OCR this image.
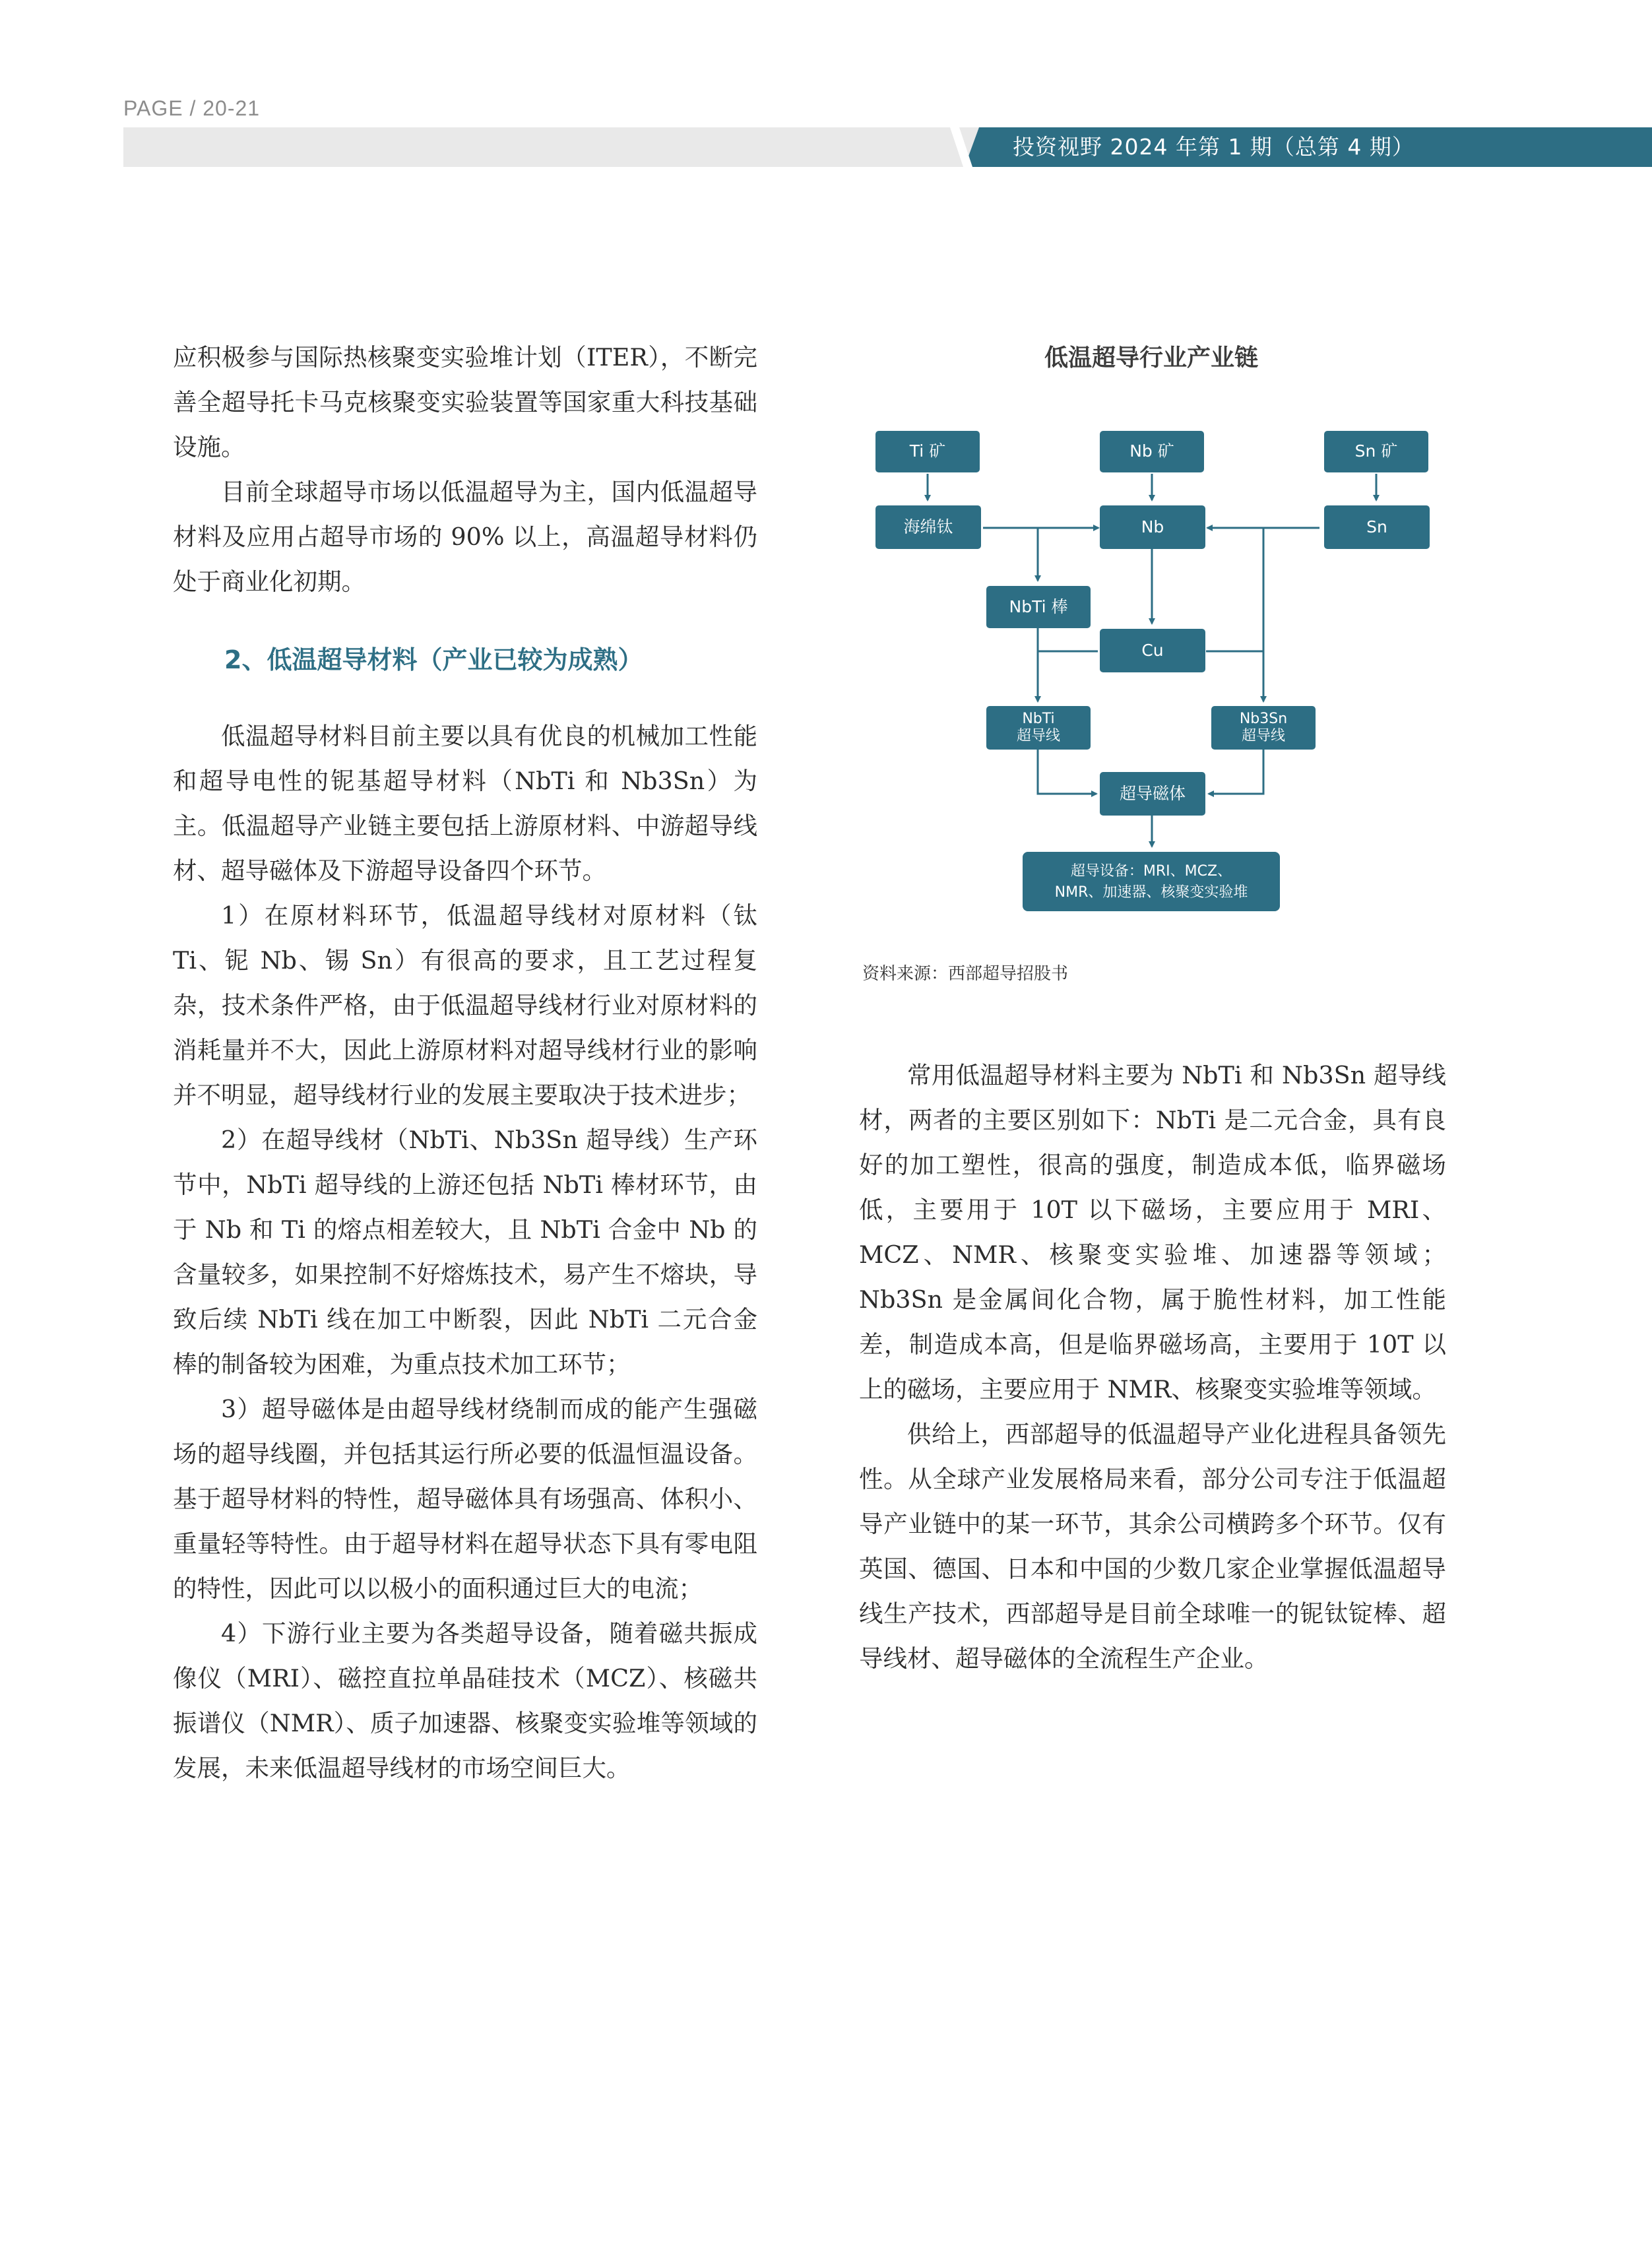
PAGE / 20-21
投资视野 2024 年第 1 期（总第 4 期）

应积极参与国际热核聚变实验堆计划（ITER），不断完善全超导托卡马克核聚变实验装置等国家重大科技基础设施。

目前全球超导市场以低温超导为主，国内低温超导材料及应用占超导市场的 90% 以上，高温超导材料仍处于商业化初期。

2、低温超导材料（产业已较为成熟）

低温超导材料目前主要以具有优良的机械加工性能和超导电性的铌基超导材料（NbTi 和 Nb3Sn）为主。低温超导产业链主要包括上游原材料、中游超导线材、超导磁体及下游超导设备四个环节。

1）在原材料环节，低温超导线材对原材料（钛 Ti、铌 Nb、锡 Sn）有很高的要求，且工艺过程复杂，技术条件严格，由于低温超导线材行业对原材料的消耗量并不大，因此上游原材料对超导线材行业的影响并不明显，超导线材行业的发展主要取决于技术进步；

2）在超导线材（NbTi、Nb3Sn 超导线）生产环节中，NbTi 超导线的上游还包括 NbTi 棒材环节，由于 Nb 和 Ti 的熔点相差较大，且 NbTi 合金中 Nb 的含量较多，如果控制不好熔炼技术，易产生不熔块，导致后续 NbTi 线在加工中断裂，因此 NbTi 二元合金棒的制备较为困难，为重点技术加工环节；

3）超导磁体是由超导线材绕制而成的能产生强磁场的超导线圈，并包括其运行所必要的低温恒温设备。基于超导材料的特性，超导磁体具有场强高、体积小、重量轻等特性。由于超导材料在超导状态下具有零电阻的特性，因此可以以极小的面积通过巨大的电流；

4）下游行业主要为各类超导设备，随着磁共振成像仪（MRI）、磁控直拉单晶硅技术（MCZ）、核磁共振谱仪（NMR）、质子加速器、核聚变实验堆等领域的发展，未来低温超导线材的市场空间巨大。

低温超导行业产业链
Ti 矿	Nb 矿	Sn 矿
海绵钛	Nb	Sn
NbTi 棒
Cu
NbTi
超导线
Nb3Sn
超导线
超导磁体
超导设备：MRI、MCZ、
NMR、加速器、核聚变实验堆
资料来源：西部超导招股书

常用低温超导材料主要为 NbTi 和 Nb3Sn 超导线材，两者的主要区别如下：NbTi 是二元合金，具有良好的加工塑性，很高的强度，制造成本低，临界磁场低，主要用于 10T 以下磁场，主要应用于 MRI、MCZ、NMR、核聚变实验堆、加速器等领域；Nb3Sn 是金属间化合物，属于脆性材料，加工性能差，制造成本高，但是临界磁场高，主要用于 10T 以上的磁场，主要应用于 NMR、核聚变实验堆等领域。

供给上，西部超导的低温超导产业化进程具备领先性。从全球产业发展格局来看，部分公司专注于低温超导产业链中的某一环节，其余公司横跨多个环节。仅有英国、德国、日本和中国的少数几家企业掌握低温超导线生产技术，西部超导是目前全球唯一的铌钛锭棒、超导线材、超导磁体的全流程生产企业。
